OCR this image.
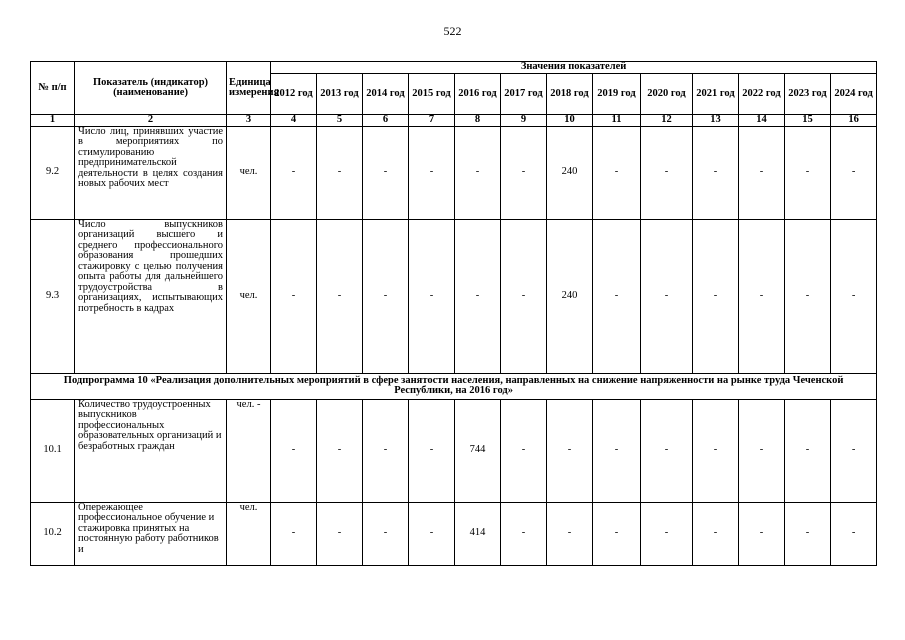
522
№ п/п	Показатель (индикатор) (наименование)	Единица измерения	Значения показателей												
			2012 год	2013 год	2014 год	2015 год	2016 год	2017 год	2018 год	2019 год	2020 год	2021 год	2022 год	2023 год	2024 год
1	2	3	4	5	6	7	8	9	10	11	12	13	14	15	16
9.2	Число лиц, принявших участие в мероприятиях по стимулированию предпринимательской деятельности в целях создания новых рабочих мест	чел.	-	-	-	-	-	-	240	-	-	-	-	-	-
9.3	Число выпускников организаций высшего и среднего профессионального образования прошедших стажировку с целью получения опыта работы для дальнейшего трудоустройства в организациях, испытывающих потребность в кадрах	чел.	-	-	-	-	-	-	240	-	-	-	-	-	-
Подпрограмма 10 «Реализация дополнительных мероприятий в сфере занятости населения, направленных на снижение напряженности на рынке труда Чеченской Республики, на 2016 год»															
10.1	Количество трудоустроенных выпускников профессиональных образовательных организаций и безработных граждан	чел. -	-	-	-	-	744	-	-	-	-	-	-	-	-
10.2	Опережающее профессиональное обучение и стажировка принятых на постоянную работу работников и	чел.	-	-	-	-	414	-	-	-	-	-	-	-	-
